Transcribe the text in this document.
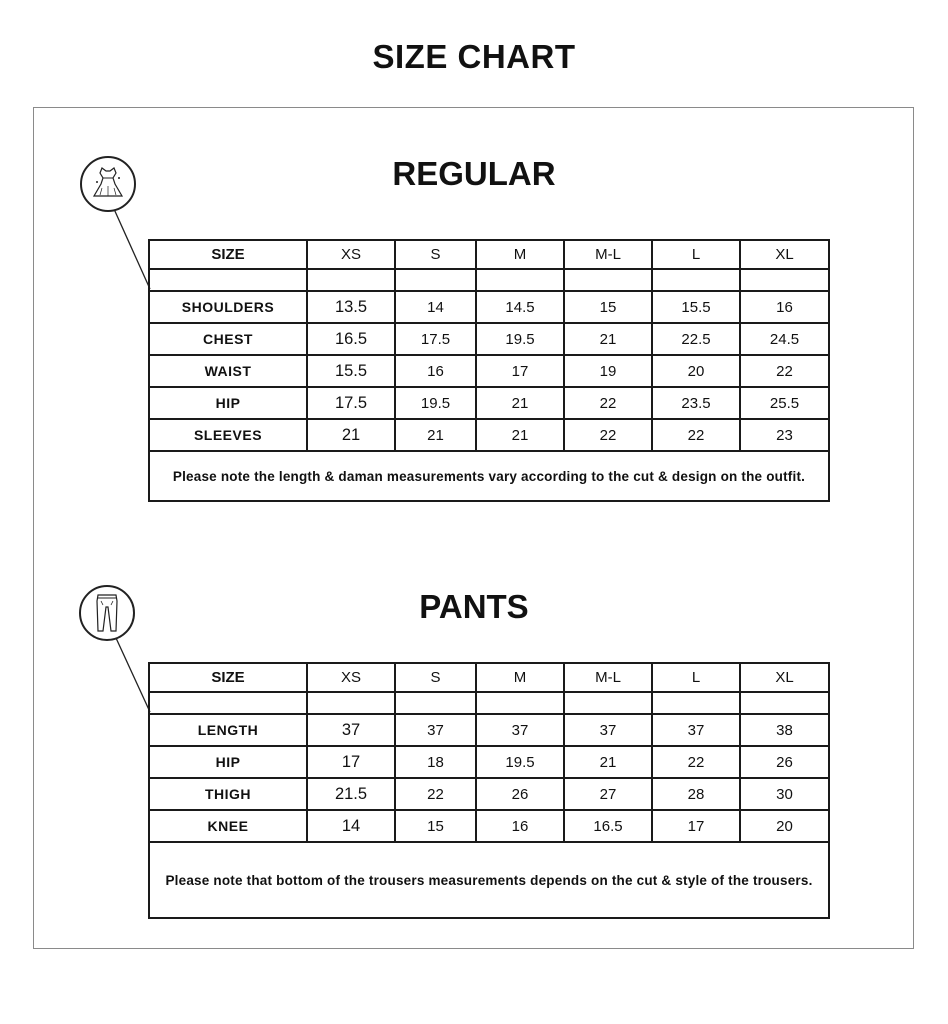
SIZE CHART
REGULAR
SIZE	XS	S	M	M-L	L	XL

SHOULDERS	13.5	14	14.5	15	15.5	16
CHEST	16.5	17.5	19.5	21	22.5	24.5
WAIST	15.5	16	17	19	20	22
HIP	17.5	19.5	21	22	23.5	25.5
SLEEVES	21	21	21	22	22	23
Please note the length & daman measurements vary according to the cut & design on the outfit.						
PANTS
SIZE	XS	S	M	M-L	L	XL

LENGTH	37	37	37	37	37	38
HIP	17	18	19.5	21	22	26
THIGH	21.5	22	26	27	28	30
KNEE	14	15	16	16.5	17	20
Please note that bottom of the trousers measurements depends on the cut & style of the trousers.						
